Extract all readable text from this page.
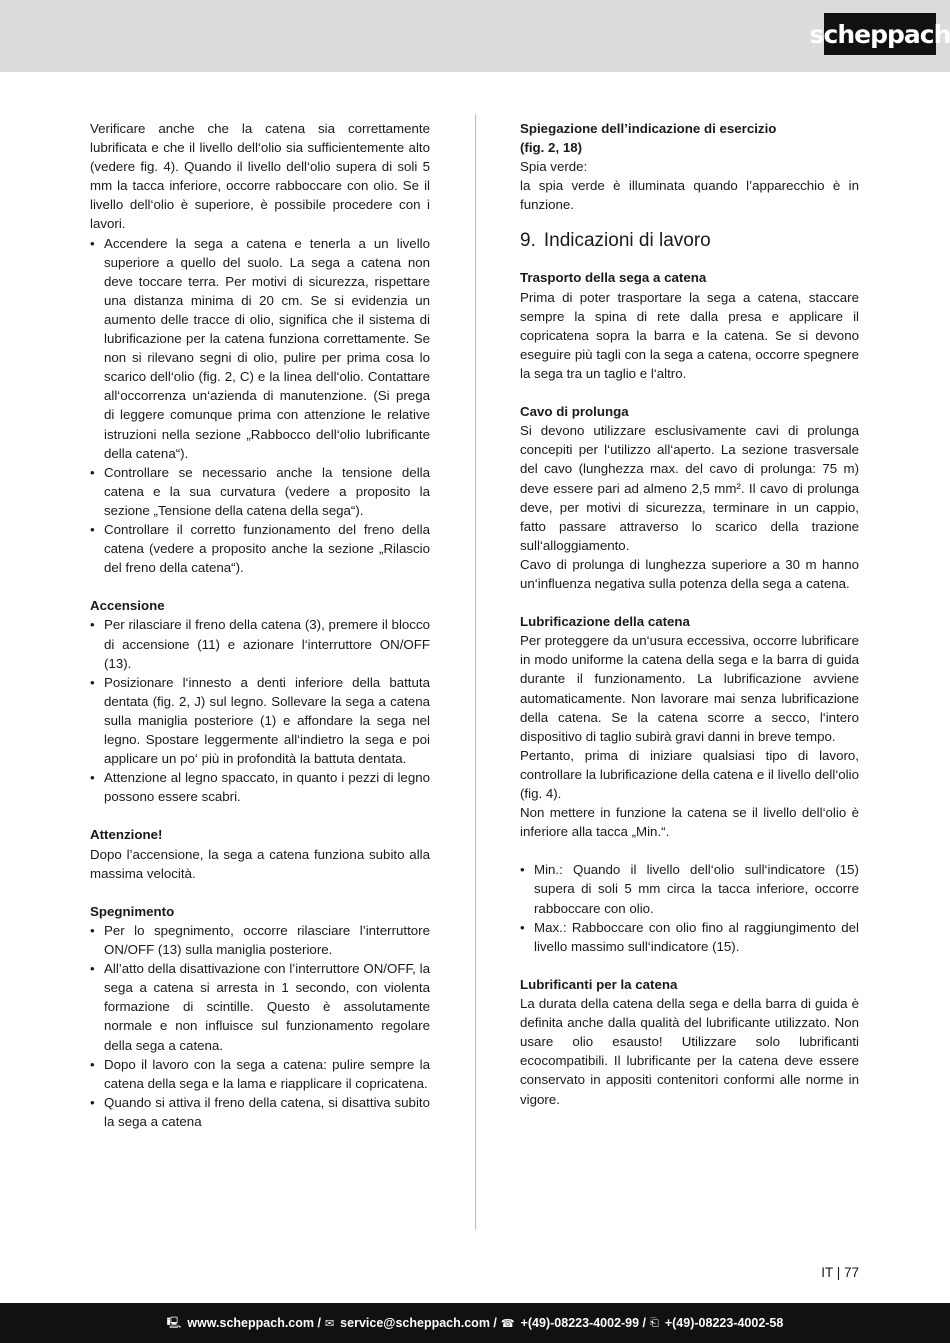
scheppach

Verificare anche che la catena sia correttamente lubrificata e che il livello dell‘olio sia sufficientemente alto (vedere fig. 4). Quando il livello dell‘olio supera di soli 5 mm la tacca inferiore, occorre rabboccare con olio. Se il livello dell‘olio è superiore, è possibile procedere con i lavori.

• Accendere la sega a catena e tenerla a un livello superiore a quello del suolo. La sega a catena non deve toccare terra. Per motivi di sicurezza, rispettare una distanza minima di 20 cm. Se si evidenzia un aumento delle tracce di olio, significa che il sistema di lubrificazione per la catena funziona correttamente. Se non si rilevano segni di olio, pulire per prima cosa lo scarico dell‘olio (fig. 2, C) e la linea dell‘olio. Contattare all‘occorrenza un‘azienda di manutenzione. (Si prega di leggere comunque prima con attenzione le relative istruzioni nella sezione „Rabbocco dell‘olio lubrificante della catena“).
• Controllare se necessario anche la tensione della catena e la sua curvatura (vedere a proposito la sezione „Tensione della catena della sega“).
• Controllare il corretto funzionamento del freno della catena (vedere a proposito anche la sezione „Rilascio del freno della catena“).

Accensione

• Per rilasciare il freno della catena (3), premere il blocco di accensione (11) e azionare l‘interruttore ON/OFF (13).
• Posizionare l‘innesto a denti inferiore della battuta dentata (fig. 2, J) sul legno. Sollevare la sega a catena sulla maniglia posteriore (1) e affondare la sega nel legno. Spostare leggermente all‘indietro la sega e poi applicare un po‘ più in profondità la battuta dentata.
• Attenzione al legno spaccato, in quanto i pezzi di legno possono essere scabri.

Attenzione!

Dopo l’accensione, la sega a catena funziona subito alla massima velocità.

Spegnimento

• Per lo spegnimento, occorre rilasciare l’interruttore ON/OFF (13) sulla maniglia posteriore.
• All’atto della disattivazione con l’interruttore ON/OFF, la sega a catena si arresta in 1 secondo, con violenta formazione di scintille. Questo è assolutamente normale e non influisce sul funzionamento regolare della sega a catena.
• Dopo il lavoro con la sega a catena: pulire sempre la catena della sega e la lama e riapplicare il copricatena.
• Quando si attiva il freno della catena, si disattiva subito la sega a catena

Spiegazione dell’indicazione di esercizio

(fig. 2, 18)

Spia verde:

la spia verde è illuminata quando l’apparecchio è in funzione.

9. Indicazioni di lavoro

Trasporto della sega a catena

Prima di poter trasportare la sega a catena, staccare sempre la spina di rete dalla presa e applicare il copricatena sopra la barra e la catena. Se si devono eseguire più tagli con la sega a catena, occorre spegnere la sega tra un taglio e l‘altro.

Cavo di prolunga

Si devono utilizzare esclusivamente cavi di prolunga concepiti per l‘utilizzo all‘aperto. La sezione trasversale del cavo (lunghezza max. del cavo di prolunga: 75 m) deve essere pari ad almeno 2,5 mm². Il cavo di prolunga deve, per motivi di sicurezza, terminare in un cappio, fatto passare attraverso lo scarico della trazione sull‘alloggiamento.

Cavo di prolunga di lunghezza superiore a 30 m hanno un‘influenza negativa sulla potenza della sega a catena.

Lubrificazione della catena

Per proteggere da un‘usura eccessiva, occorre lubrificare in modo uniforme la catena della sega e la barra di guida durante il funzionamento. La lubrificazione avviene automaticamente. Non lavorare mai senza lubrificazione della catena. Se la catena scorre a secco, l‘intero dispositivo di taglio subirà gravi danni in breve tempo.

Pertanto, prima di iniziare qualsiasi tipo di lavoro, controllare la lubrificazione della catena e il livello dell‘olio (fig. 4).

Non mettere in funzione la catena se il livello dell‘olio è inferiore alla tacca „Min.“.

• Min.: Quando il livello dell‘olio sull‘indicatore (15) supera di soli 5 mm circa la tacca inferiore, occorre rabboccare con olio.
• Max.: Rabboccare con olio fino al raggiungimento del livello massimo sull‘indicatore (15).

Lubrificanti per la catena

La durata della catena della sega e della barra di guida è definita anche dalla qualità del lubrificante utilizzato. Non usare olio esausto! Utilizzare solo lubrificanti ecocompatibili. Il lubrificante per la catena deve essere conservato in appositi contenitori conformi alle norme in vigore.

IT | 77
🖳 www.scheppach.com / ✉ service@scheppach.com / ☎ +(49)-08223-4002-99 / ⎗ +(49)-08223-4002-58
